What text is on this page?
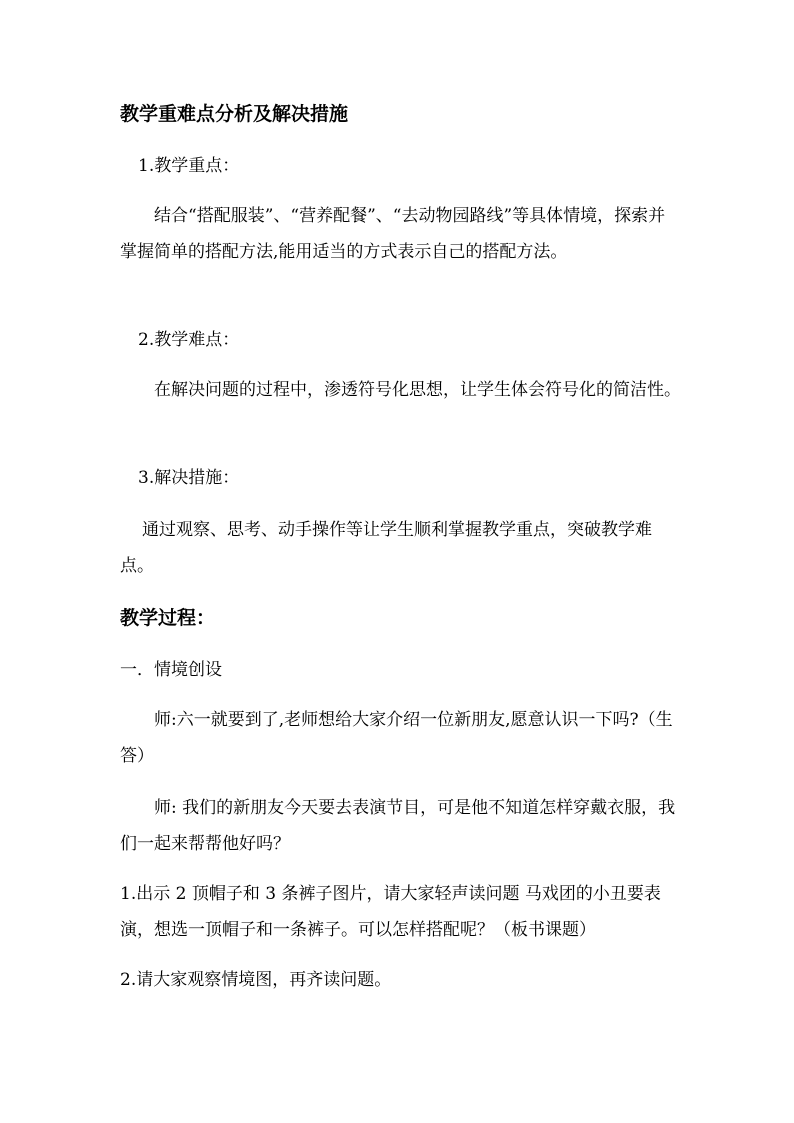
教学重难点分析及解决措施

1.教学重点：

结合“搭配服装”、“营养配餐”、“去动物园路线”等具体情境，探索并掌握简单的搭配方法,能用适当的方式表示自己的搭配方法。

2.教学难点：

在解决问题的过程中，渗透符号化思想，让学生体会符号化的简洁性。

3.解决措施：

通过观察、思考、动手操作等让学生顺利掌握教学重点，突破教学难点。

教学过程：

一．情境创设

师:六一就要到了,老师想给大家介绍一位新朋友,愿意认识一下吗?（生答）

师: 我们的新朋友今天要去表演节目，可是他不知道怎样穿戴衣服，我们一起来帮帮他好吗？

1.出示 2 顶帽子和 3 条裤子图片，请大家轻声读问题 马戏团的小丑要表演，想选一顶帽子和一条裤子。可以怎样搭配呢？（板书课题）

2.请大家观察情境图，再齐读问题。
